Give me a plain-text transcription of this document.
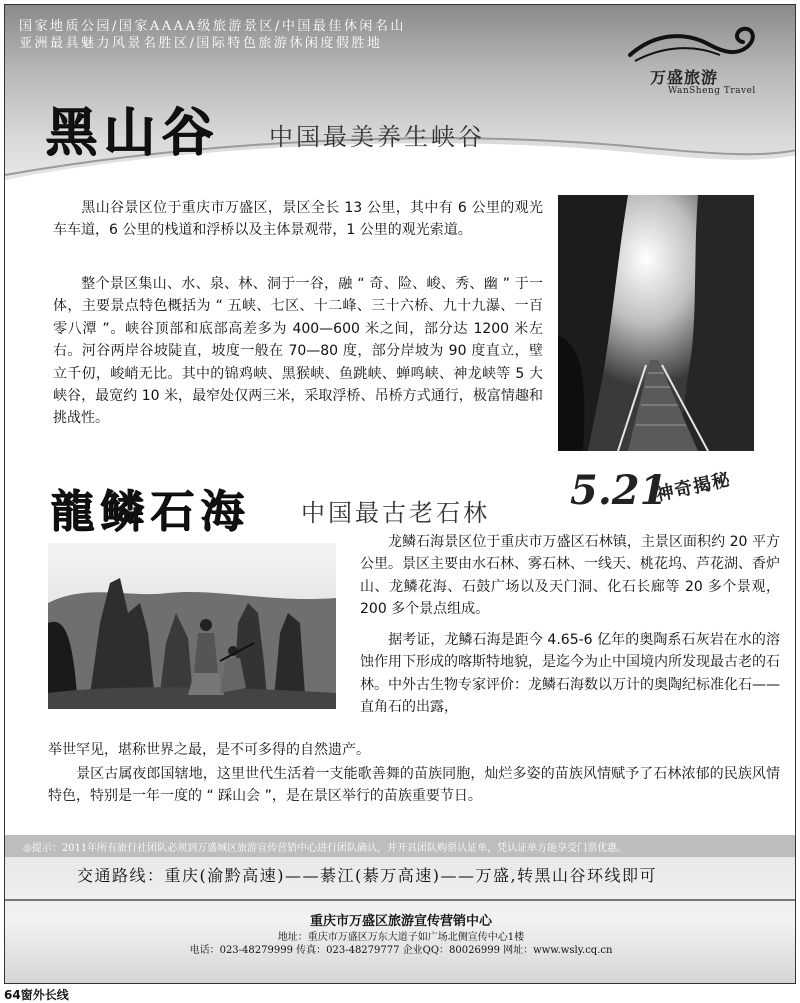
国家地质公园/国家AAAA级旅游景区/中国最佳休闲名山
亚洲最具魅力风景名胜区/国际特色旅游休闲度假胜地
万盛旅游
WanSheng Travel
黑山谷 中国最美养生峡谷
黑山谷景区位于重庆市万盛区，景区全长 13 公里，其中有 6 公里的观光车车道，6 公里的栈道和浮桥以及主体景观带，1 公里的观光索道。
整个景区集山、水、泉、林、洞于一谷，融 “ 奇、险、峻、秀、幽 ” 于一体，主要景点特色概括为 “ 五峡、七区、十二峰、三十六桥、九十九瀑、一百零八潭 ”。峡谷顶部和底部高差多为 400—600 米之间，部分达 1200 米左右。河谷两岸谷坡陡直，坡度一般在 70—80 度，部分岸坡为 90 度直立，壁立千仞，峻峭无比。其中的锦鸡峡、黑猴峡、鱼跳峡、蝉鸣峡、神龙峡等 5 大峡谷，最宽约 10 米，最窄处仅两三米，采取浮桥、吊桥方式通行，极富情趣和挑战性。
龍鳞石海 中国最古老石林 5.21
神奇揭秘
龙鳞石海景区位于重庆市万盛区石林镇，主景区面积约 20 平方公里。景区主要由水石林、雾石林、一线天、桃花坞、芦花湖、香炉山、龙鳞花海、石鼓广场以及天门洞、化石长廊等 20 多个景观，200 多个景点组成。
据考证，龙鳞石海是距今 4.65-6 亿年的奥陶系石灰岩在水的溶蚀作用下形成的喀斯特地貌，是迄今为止中国境内所发现最古老的石林。中外古生物专家评价：龙鳞石海数以万计的奥陶纪标准化石——直角石的出露，
举世罕见，堪称世界之最，是不可多得的自然遗产。
景区古属夜郎国辖地，这里世代生活着一支能歌善舞的苗族同胞，灿烂多姿的苗族风情赋予了石林浓郁的民族风情特色，特别是一年一度的 “ 踩山会 ”，是在景区举行的苗族重要节日。
◎提示：2011年所有旅行社团队必须到万盛城区旅游宣传营销中心进行团队确认，并开具团队购票认证单，凭认证单方能享受门票优惠。
交通路线：重庆(渝黔高速)——綦江(綦万高速)——万盛,转黑山谷环线即可
重庆市万盛区旅游宣传营销中心
地址：重庆市万盛区万东大道子如广场北侧宣传中心1楼
电话：023-48279999 传真：023-48279777 企业QQ：80026999 网址：www.wsly.cq.cn
64窗外长线
